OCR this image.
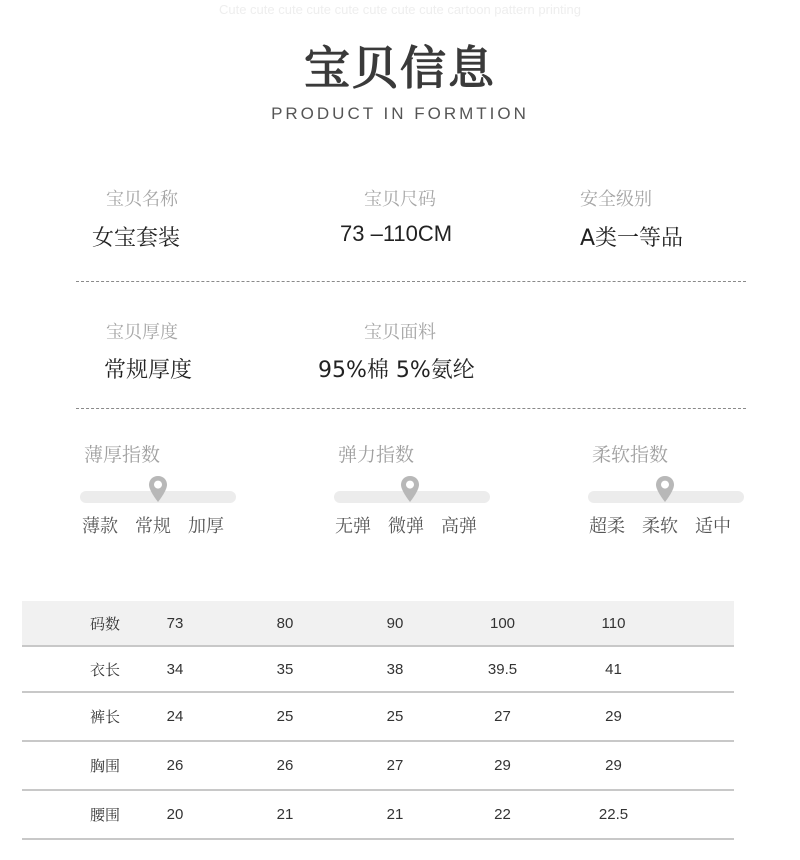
Cute cute cute cute cute cute cute cute cartoon pattern printing
宝贝信息
PRODUCT IN FORMTION
宝贝名称
女宝套装
宝贝尺码
73 –110CM
安全级别
A类一等品
宝贝厚度
常规厚度
宝贝面料
95%棉 5%氨纶
薄厚指数
薄款 常规 加厚
弹力指数
无弹 微弹 高弹
柔软指数
超柔 柔软 适中
码数	73	80	90	100	110	
衣长	34	35	38	39.5	41	
裤长	24	25	25	27	29	
胸围	26	26	27	29	29	
腰围	20	21	21	22	22.5	
